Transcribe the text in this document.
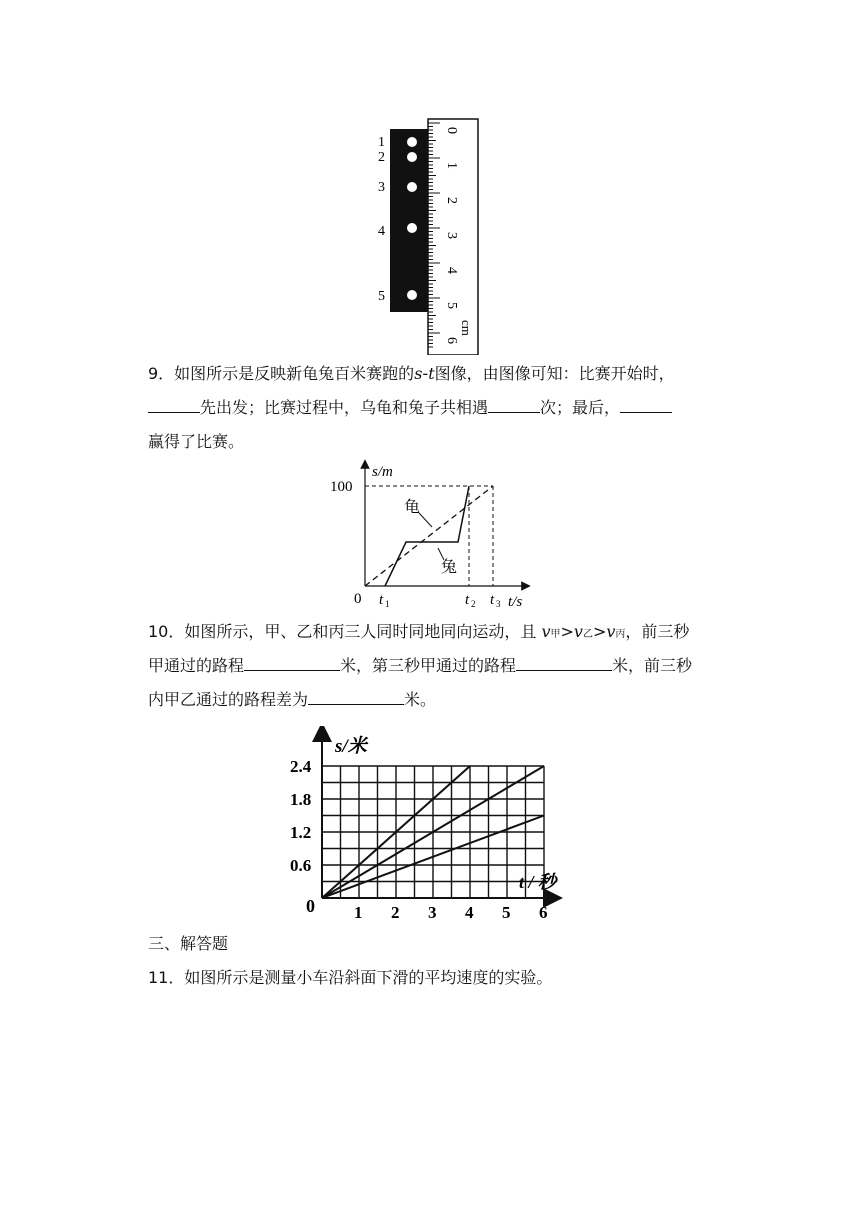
1
2
3
4
5
0
1
2
3
4
5
6
cm
9．如图所示是反映新龟兔百米赛跑的s-t图像，由图像可知：比赛开始时，
先出发；比赛过程中，乌龟和兔子共相遇	次；最后，
赢得了比赛。
s/m
100
0	t/s
t 1	t 2 t 3
龟
兔
10．如图所示，甲、乙和丙三人同时同地同向运动，且 v甲>v乙>v丙，前三秒
甲通过的路程	米，第三秒甲通过的路程	米，前三秒
内甲乙通过的路程差为	米。
0.6
1.2
1.8
2.4
1 2 3 4 5 6
s/米
t / 秒
0
三、解答题
11．如图所示是测量小车沿斜面下滑的平均速度的实验。
